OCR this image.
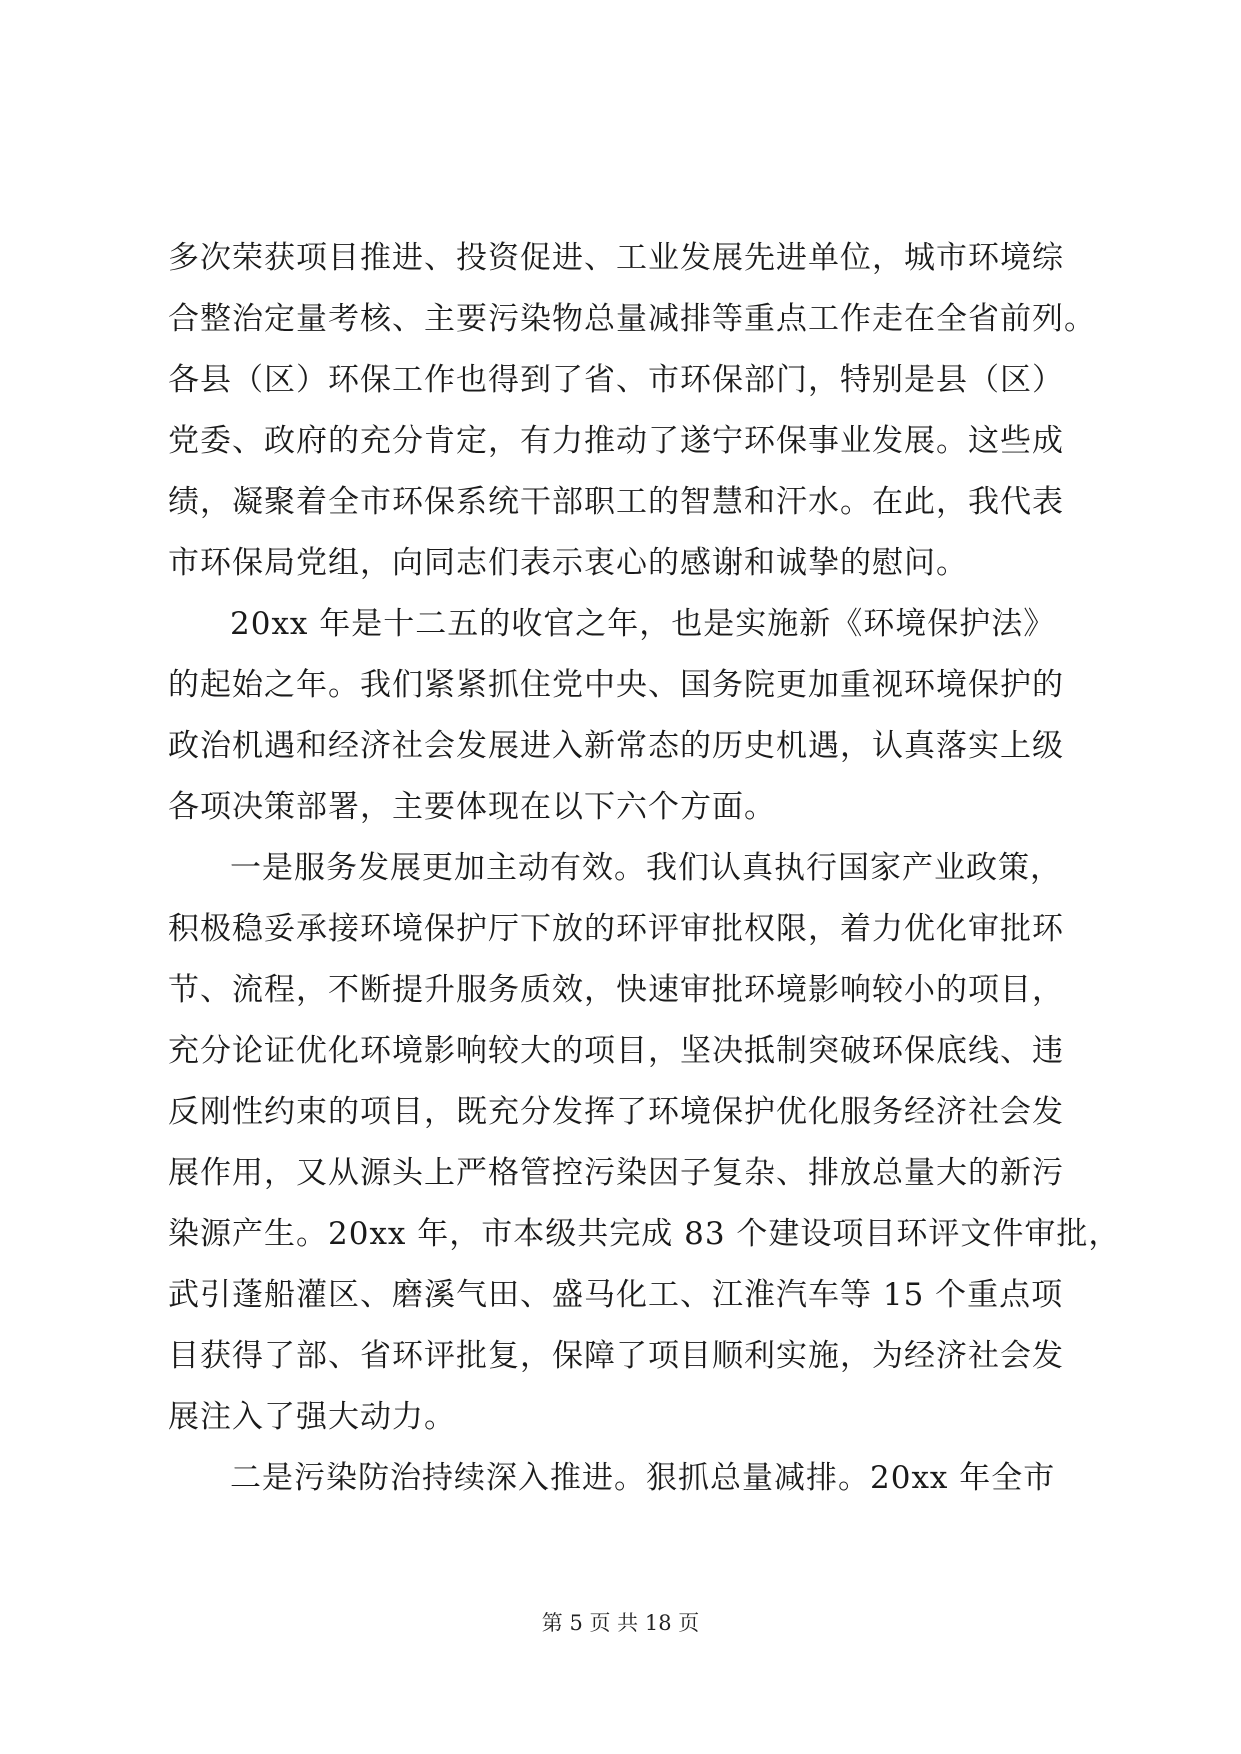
多次荣获项目推进、投资促进、工业发展先进单位，城市环境综
合整治定量考核、主要污染物总量减排等重点工作走在全省前列。
各县（区）环保工作也得到了省、市环保部门，特别是县（区）
党委、政府的充分肯定，有力推动了遂宁环保事业发展。这些成
绩，凝聚着全市环保系统干部职工的智慧和汗水。在此，我代表
市环保局党组，向同志们表示衷心的感谢和诚挚的慰问。
20xx 年是十二五的收官之年，也是实施新《环境保护法》
的起始之年。我们紧紧抓住党中央、国务院更加重视环境保护的
政治机遇和经济社会发展进入新常态的历史机遇，认真落实上级
各项决策部署，主要体现在以下六个方面。
一是服务发展更加主动有效。我们认真执行国家产业政策，
积极稳妥承接环境保护厅下放的环评审批权限，着力优化审批环
节、流程，不断提升服务质效，快速审批环境影响较小的项目，
充分论证优化环境影响较大的项目，坚决抵制突破环保底线、违
反刚性约束的项目，既充分发挥了环境保护优化服务经济社会发
展作用，又从源头上严格管控污染因子复杂、排放总量大的新污
染源产生。20xx 年，市本级共完成 83 个建设项目环评文件审批，
武引蓬船灌区、磨溪气田、盛马化工、江淮汽车等 15 个重点项
目获得了部、省环评批复，保障了项目顺利实施，为经济社会发
展注入了强大动力。
二是污染防治持续深入推进。狠抓总量减排。20xx 年全市
第 5 页 共 18 页
